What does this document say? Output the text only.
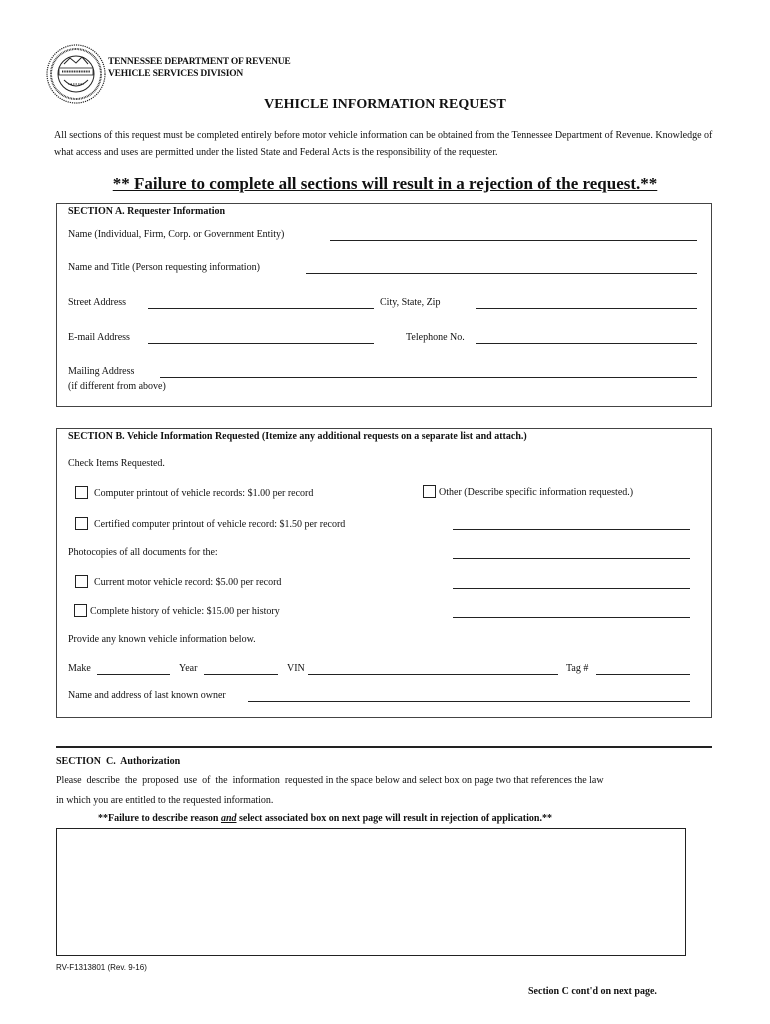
TENNESSEE DEPARTMENT OF REVENUE
VEHICLE SERVICES DIVISION
VEHICLE INFORMATION REQUEST
All sections of this request must be completed entirely before motor vehicle information can be obtained from the Tennessee Department of Revenue. Knowledge of what access and uses are permitted under the listed State and Federal Acts is the responsibility of the requester.
** Failure to complete all sections will result in a rejection of the request.**
SECTION A. Requester Information
Name (Individual, Firm, Corp. or Government Entity)
Name and Title (Person requesting information)
Street Address	City, State, Zip
E-mail Address	Telephone No.
Mailing Address
(if different from above)
SECTION B. Vehicle Information Requested (Itemize any additional requests on a separate list and attach.)
Check Items Requested.
Computer printout of vehicle records: $1.00 per record	Other (Describe specific information requested.)
Certified computer printout of vehicle record: $1.50 per record
Photocopies of all documents for the:
Current motor vehicle record: $5.00 per record
Complete history of vehicle: $15.00 per history
Provide any known vehicle information below.
Make	Year	VIN	Tag #
Name and address of last known owner
SECTION  C.  Authorization
Please  describe  the  proposed  use  of  the  information  requested in the space below and select box on page two that references the law
in which you are entitled to the requested information.
**Failure to describe reason and select associated box on next page will result in rejection of application.**
RV-F1313801 (Rev. 9-16)
Section C cont'd on next page.
